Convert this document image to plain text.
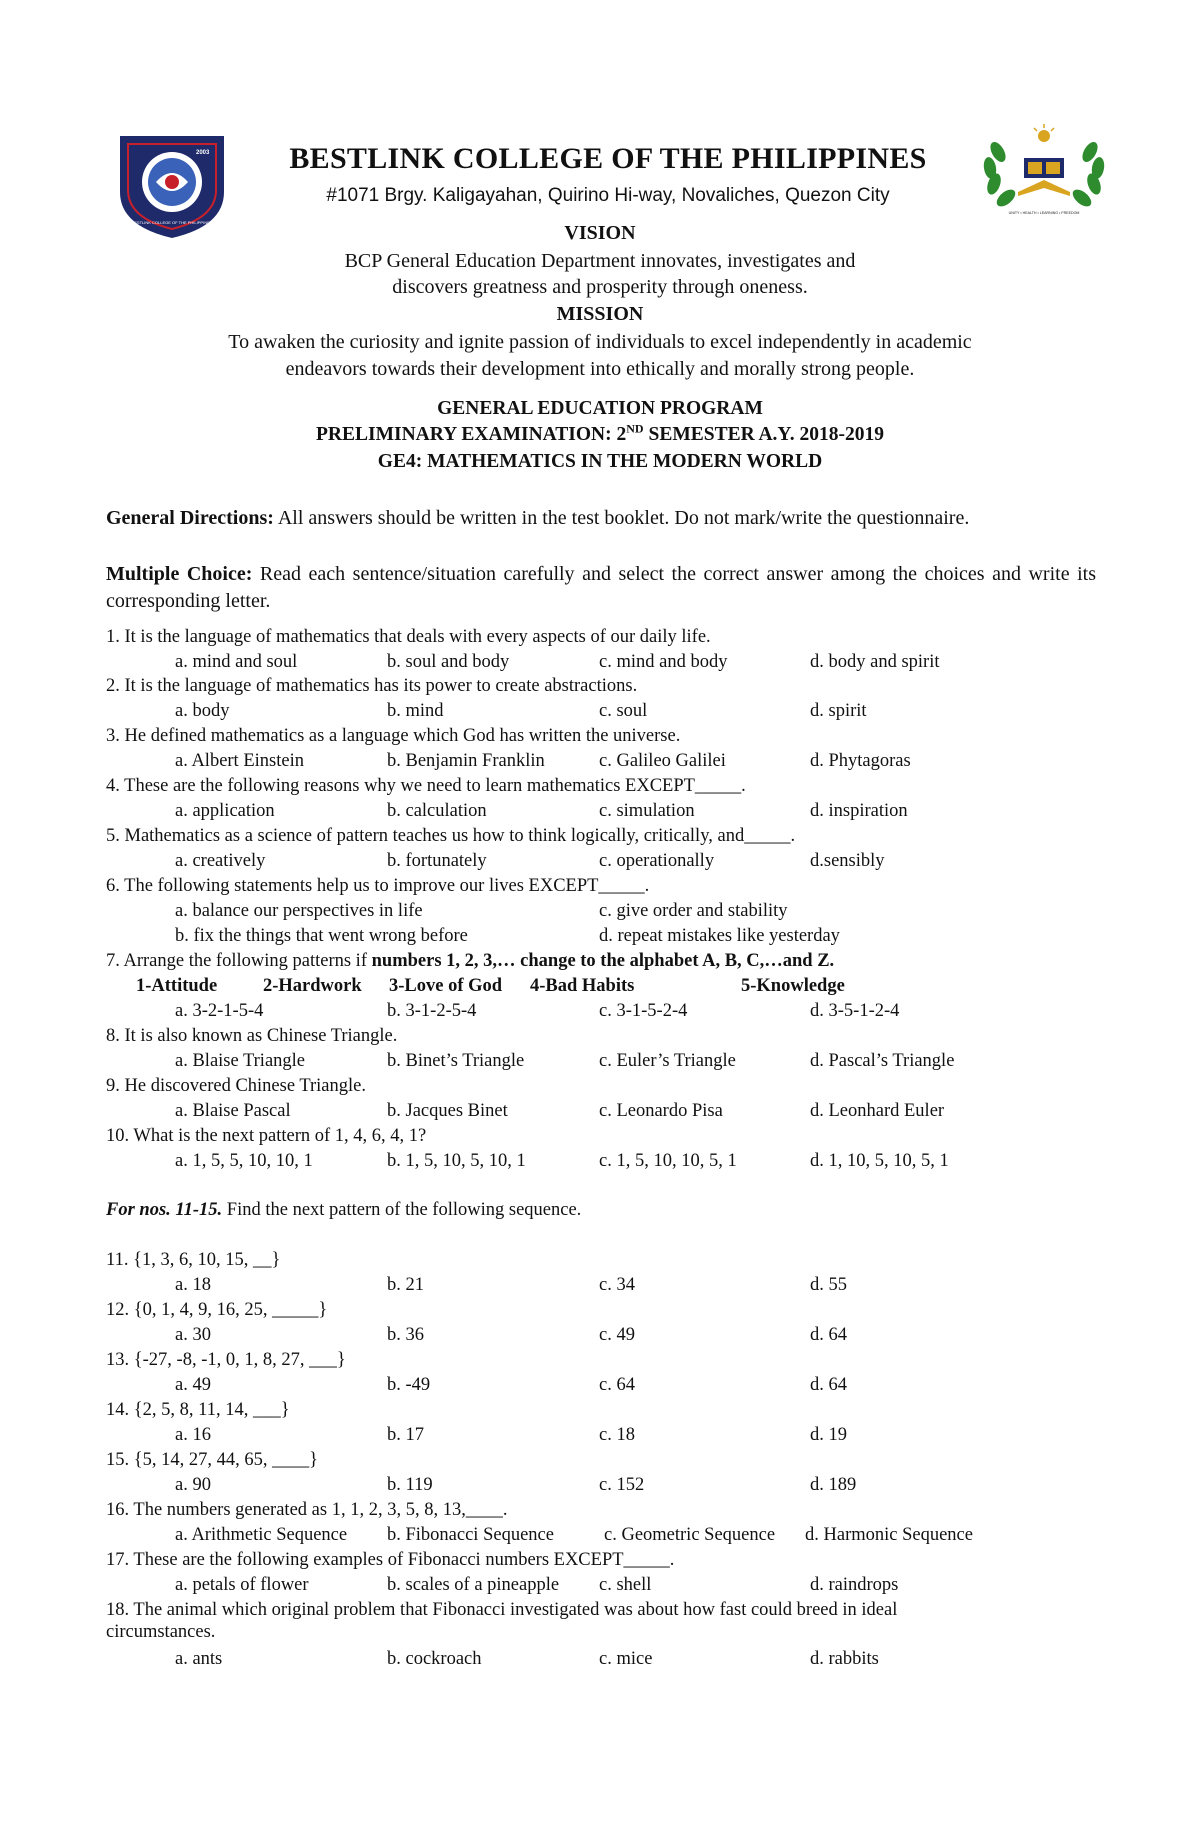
2003
BESTLINK COLLEGE OF THE PHILIPPINES
BESTLINK COLLEGE OF THE PHILIPPINES
#1071 Brgy. Kaligayahan, Quirino Hi-way, Novaliches, Quezon City
UNITY • HEALTH • LEARNING • FREEDOM
VISION
BCP General Education Department innovates, investigates and
discovers greatness and prosperity through oneness.
MISSION
To awaken the curiosity and ignite passion of individuals to excel independently in academic
endeavors towards their development into ethically and morally strong people.
GENERAL EDUCATION PROGRAM
PRELIMINARY EXAMINATION: 2ND SEMESTER A.Y. 2018-2019
GE4: MATHEMATICS IN THE MODERN WORLD
General Directions: All answers should be written in the test booklet. Do not mark/write the questionnaire.
Multiple Choice: Read each sentence/situation carefully and select the correct answer among the choices and write its corresponding letter.
1. It is the language of mathematics that deals with every aspects of our daily life.
a. mind and soul	b. soul and body	c. mind and body	d. body and spirit
2. It is the language of mathematics has its power to create abstractions.
a. body	b. mind	c. soul	d. spirit
3. He defined mathematics as a language which God has written the universe.
a. Albert Einstein	b. Benjamin Franklin	c. Galileo Galilei	d. Phytagoras
4. These are the following reasons why we need to learn mathematics EXCEPT_____.
a. application	b. calculation	c. simulation	d. inspiration
5. Mathematics as a science of pattern teaches us how to think logically, critically, and_____.
a. creatively	b. fortunately	c. operationally	d.sensibly
6. The following statements help us to improve our lives EXCEPT_____.
a. balance our perspectives in life	c. give order and stability
b. fix the things that went wrong before	d. repeat mistakes like yesterday
7. Arrange the following patterns if numbers 1, 2, 3,… change to the alphabet A, B, C,…and Z.
1-Attitude 2-Hardwork 3-Love of God 4-Bad Habits	5-Knowledge
a. 3-2-1-5-4	b. 3-1-2-5-4	c. 3-1-5-2-4	d. 3-5-1-2-4
8. It is also known as Chinese Triangle.
a. Blaise Triangle	b. Binet’s Triangle	c. Euler’s Triangle	d. Pascal’s Triangle
9. He discovered Chinese Triangle.
a. Blaise Pascal	b. Jacques Binet	c. Leonardo Pisa	d. Leonhard Euler
10. What is the next pattern of 1, 4, 6, 4, 1?
a. 1, 5, 5, 10, 10, 1	b. 1, 5, 10, 5, 10, 1	c. 1, 5, 10, 10, 5, 1	d. 1, 10, 5, 10, 5, 1
For nos. 11-15. Find the next pattern of the following sequence.
11. {1, 3, 6, 10, 15, __}
a. 18	b. 21	c. 34	d. 55
12. {0, 1, 4, 9, 16, 25, _____}
a. 30	b. 36	c. 49	d. 64
13. {-27, -8, -1, 0, 1, 8, 27, ___}
a. 49	b. -49	c. 64	d. 64
14. {2, 5, 8, 11, 14, ___}
a. 16	b. 17	c. 18	d. 19
15. {5, 14, 27, 44, 65, ____}
a. 90	b. 119	c. 152	d. 189
16. The numbers generated as 1, 1, 2, 3, 5, 8, 13,____.
a. Arithmetic Sequence b. Fibonacci Sequence	c. Geometric Sequence d. Harmonic Sequence
17. These are the following examples of Fibonacci numbers EXCEPT_____.
a. petals of flower	b. scales of a pineapple c. shell	d. raindrops
18. The animal which original problem that Fibonacci investigated was about how fast could breed in ideal
circumstances.
a. ants	b. cockroach	c. mice	d. rabbits
